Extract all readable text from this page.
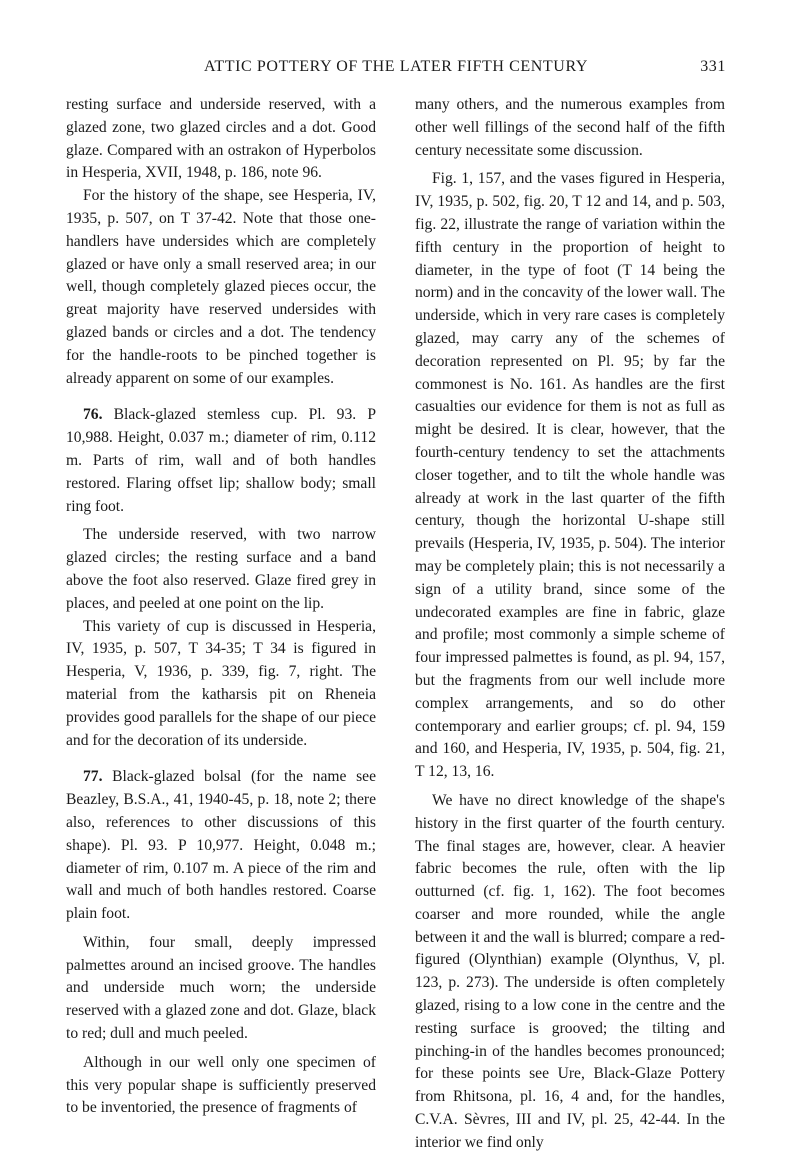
ATTIC POTTERY OF THE LATER FIFTH CENTURY	331

resting surface and underside reserved, with a glazed zone, two glazed circles and a dot. Good glaze. Compared with an ostrakon of Hyperbolos in Hesperia, XVII, 1948, p. 186, note 96.

For the history of the shape, see Hesperia, IV, 1935, p. 507, on T 37-42. Note that those one-handlers have undersides which are completely glazed or have only a small reserved area; in our well, though completely glazed pieces occur, the great majority have reserved undersides with glazed bands or circles and a dot. The tendency for the handle-roots to be pinched together is already apparent on some of our examples.

76. Black-glazed stemless cup. Pl. 93. P 10,988. Height, 0.037 m.; diameter of rim, 0.112 m. Parts of rim, wall and of both handles restored. Flaring offset lip; shallow body; small ring foot.

The underside reserved, with two narrow glazed circles; the resting surface and a band above the foot also reserved. Glaze fired grey in places, and peeled at one point on the lip.

This variety of cup is discussed in Hesperia, IV, 1935, p. 507, T 34-35; T 34 is figured in Hesperia, V, 1936, p. 339, fig. 7, right. The material from the katharsis pit on Rheneia provides good parallels for the shape of our piece and for the decoration of its underside.

77. Black-glazed bolsal (for the name see Beazley, B.S.A., 41, 1940-45, p. 18, note 2; there also, references to other discussions of this shape). Pl. 93. P 10,977. Height, 0.048 m.; diameter of rim, 0.107 m. A piece of the rim and wall and much of both handles restored. Coarse plain foot.

Within, four small, deeply impressed palmettes around an incised groove. The handles and underside much worn; the underside reserved with a glazed zone and dot. Glaze, black to red; dull and much peeled.

Although in our well only one specimen of this very popular shape is sufficiently preserved to be inventoried, the presence of fragments of

many others, and the numerous examples from other well fillings of the second half of the fifth century necessitate some discussion.

Fig. 1, 157, and the vases figured in Hesperia, IV, 1935, p. 502, fig. 20, T 12 and 14, and p. 503, fig. 22, illustrate the range of variation within the fifth century in the proportion of height to diameter, in the type of foot (T 14 being the norm) and in the concavity of the lower wall. The underside, which in very rare cases is completely glazed, may carry any of the schemes of decoration represented on Pl. 95; by far the commonest is No. 161. As handles are the first casualties our evidence for them is not as full as might be desired. It is clear, however, that the fourth-century tendency to set the attachments closer together, and to tilt the whole handle was already at work in the last quarter of the fifth century, though the horizontal U-shape still prevails (Hesperia, IV, 1935, p. 504). The interior may be completely plain; this is not necessarily a sign of a utility brand, since some of the undecorated examples are fine in fabric, glaze and profile; most commonly a simple scheme of four impressed palmettes is found, as pl. 94, 157, but the fragments from our well include more complex arrangements, and so do other contemporary and earlier groups; cf. pl. 94, 159 and 160, and Hesperia, IV, 1935, p. 504, fig. 21, T 12, 13, 16.

We have no direct knowledge of the shape's history in the first quarter of the fourth century. The final stages are, however, clear. A heavier fabric becomes the rule, often with the lip outturned (cf. fig. 1, 162). The foot becomes coarser and more rounded, while the angle between it and the wall is blurred; compare a red-figured (Olynthian) example (Olynthus, V, pl. 123, p. 273). The underside is often completely glazed, rising to a low cone in the centre and the resting surface is grooved; the tilting and pinching-in of the handles becomes pronounced; for these points see Ure, Black-Glaze Pottery from Rhitsona, pl. 16, 4 and, for the handles, C.V.A. Sèvres, III and IV, pl. 25, 42-44. In the interior we find only
